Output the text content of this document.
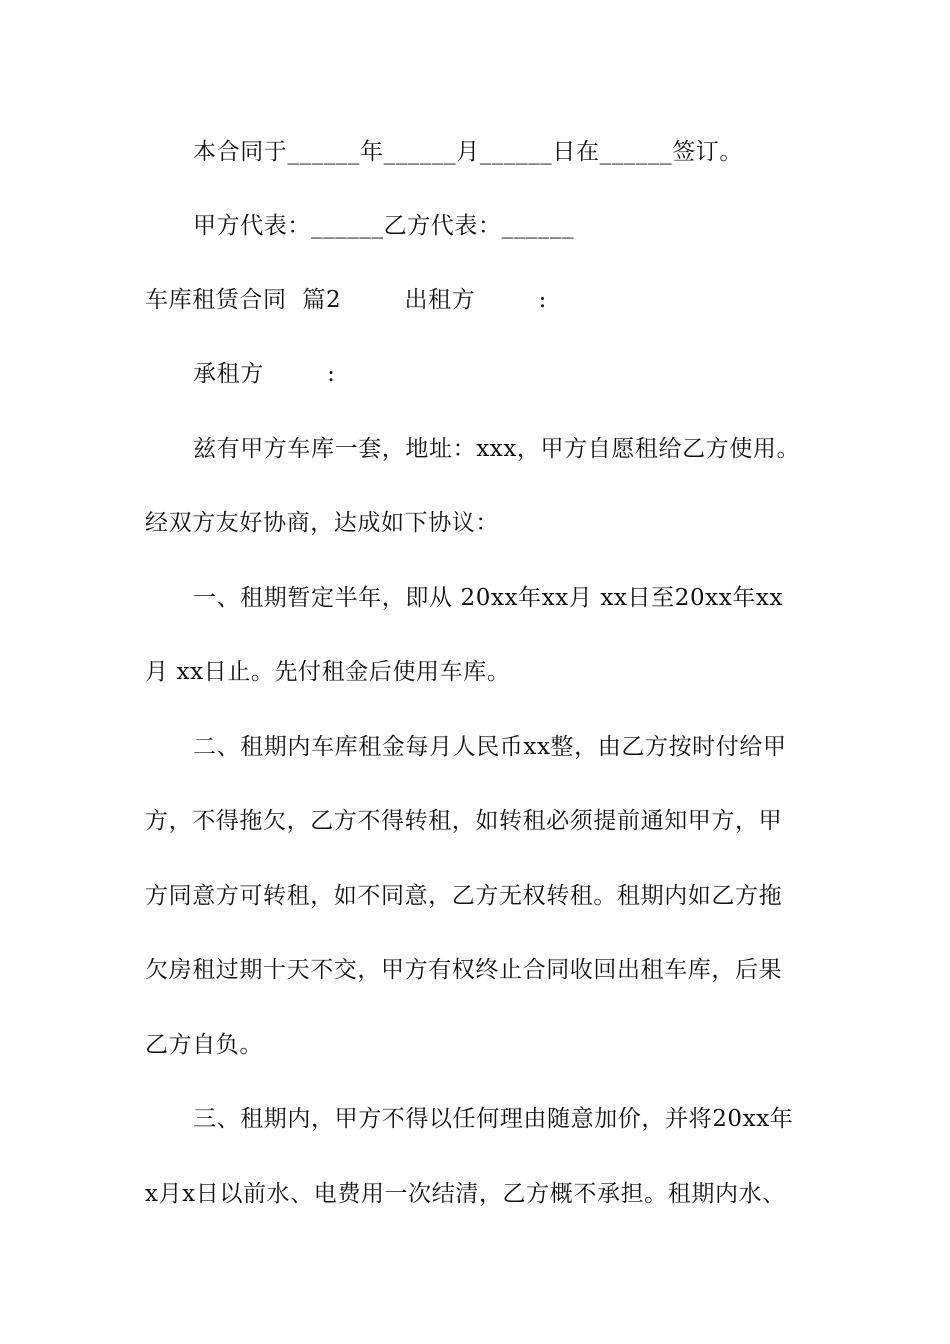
本合同于______年______月______日在______签订。
甲方代表：______乙方代表：______
车库租赁合同  篇2        出租方        :
承租方        :
兹有甲方车库一套，地址：xxx，甲方自愿租给乙方使用。
经双方友好协商，达成如下协议：
一、租期暂定半年，即从 20xx年xx月 xx日至20xx年xx
月 xx日止。先付租金后使用车库。
二、租期内车库租金每月人民币xx整，由乙方按时付给甲
方，不得拖欠，乙方不得转租，如转租必须提前通知甲方，甲
方同意方可转租，如不同意，乙方无权转租。租期内如乙方拖
欠房租过期十天不交，甲方有权终止合同收回出租车库，后果
乙方自负。
三、租期内，甲方不得以任何理由随意加价，并将20xx年
x月x日以前水、电费用一次结清，乙方概不承担。租期内水、
